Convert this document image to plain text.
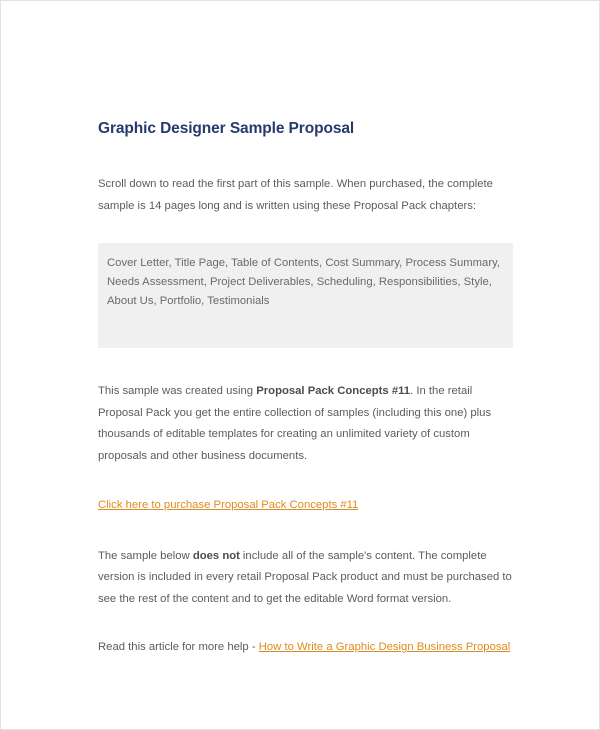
Graphic Designer Sample Proposal

Scroll down to read the first part of this sample. When purchased, the complete sample is 14 pages long and is written using these Proposal Pack chapters:

Cover Letter, Title Page, Table of Contents, Cost Summary, Process Summary, Needs Assessment, Project Deliverables, Scheduling, Responsibilities, Style, About Us, Portfolio, Testimonials

This sample was created using Proposal Pack Concepts #11. In the retail Proposal Pack you get the entire collection of samples (including this one) plus thousands of editable templates for creating an unlimited variety of custom proposals and other business documents.

Click here to purchase Proposal Pack Concepts #11

The sample below does not include all of the sample's content. The complete version is included in every retail Proposal Pack product and must be purchased to see the rest of the content and to get the editable Word format version.

Read this article for more help - How to Write a Graphic Design Business Proposal
